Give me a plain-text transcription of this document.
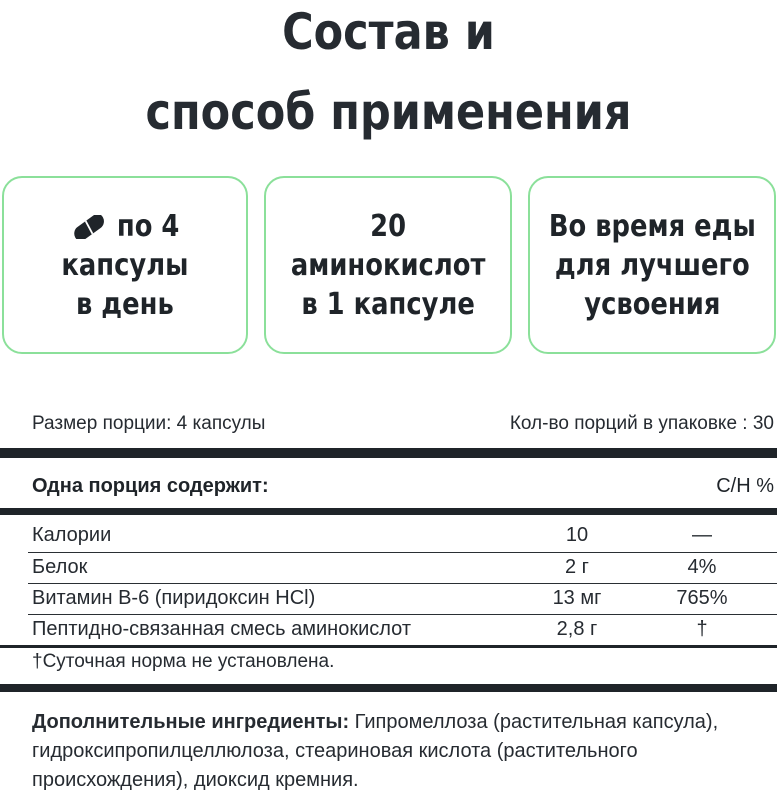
Состав и
способ применения
по 4
капсулы
в день
20
аминокислот
в 1 капсуле
Во время еды
для лучшего
усвоения
Размер порции: 4 капсулы	Кол-во порций в упаковке : 30
Одна порция содержит:	С/Н %
Калории	10	—
Белок	2 г	4%
Витамин В-6 (пиридоксин HCl)	13 мг	765%
Пептидно-связанная смесь аминокислот	2,8 г	†
†Суточная норма не установлена.
Дополнительные ингредиенты: Гипромеллоза (растительная капсула), гидроксипропилцеллюлоза, стеариновая кислота (растительного происхождения), диоксид кремния.
